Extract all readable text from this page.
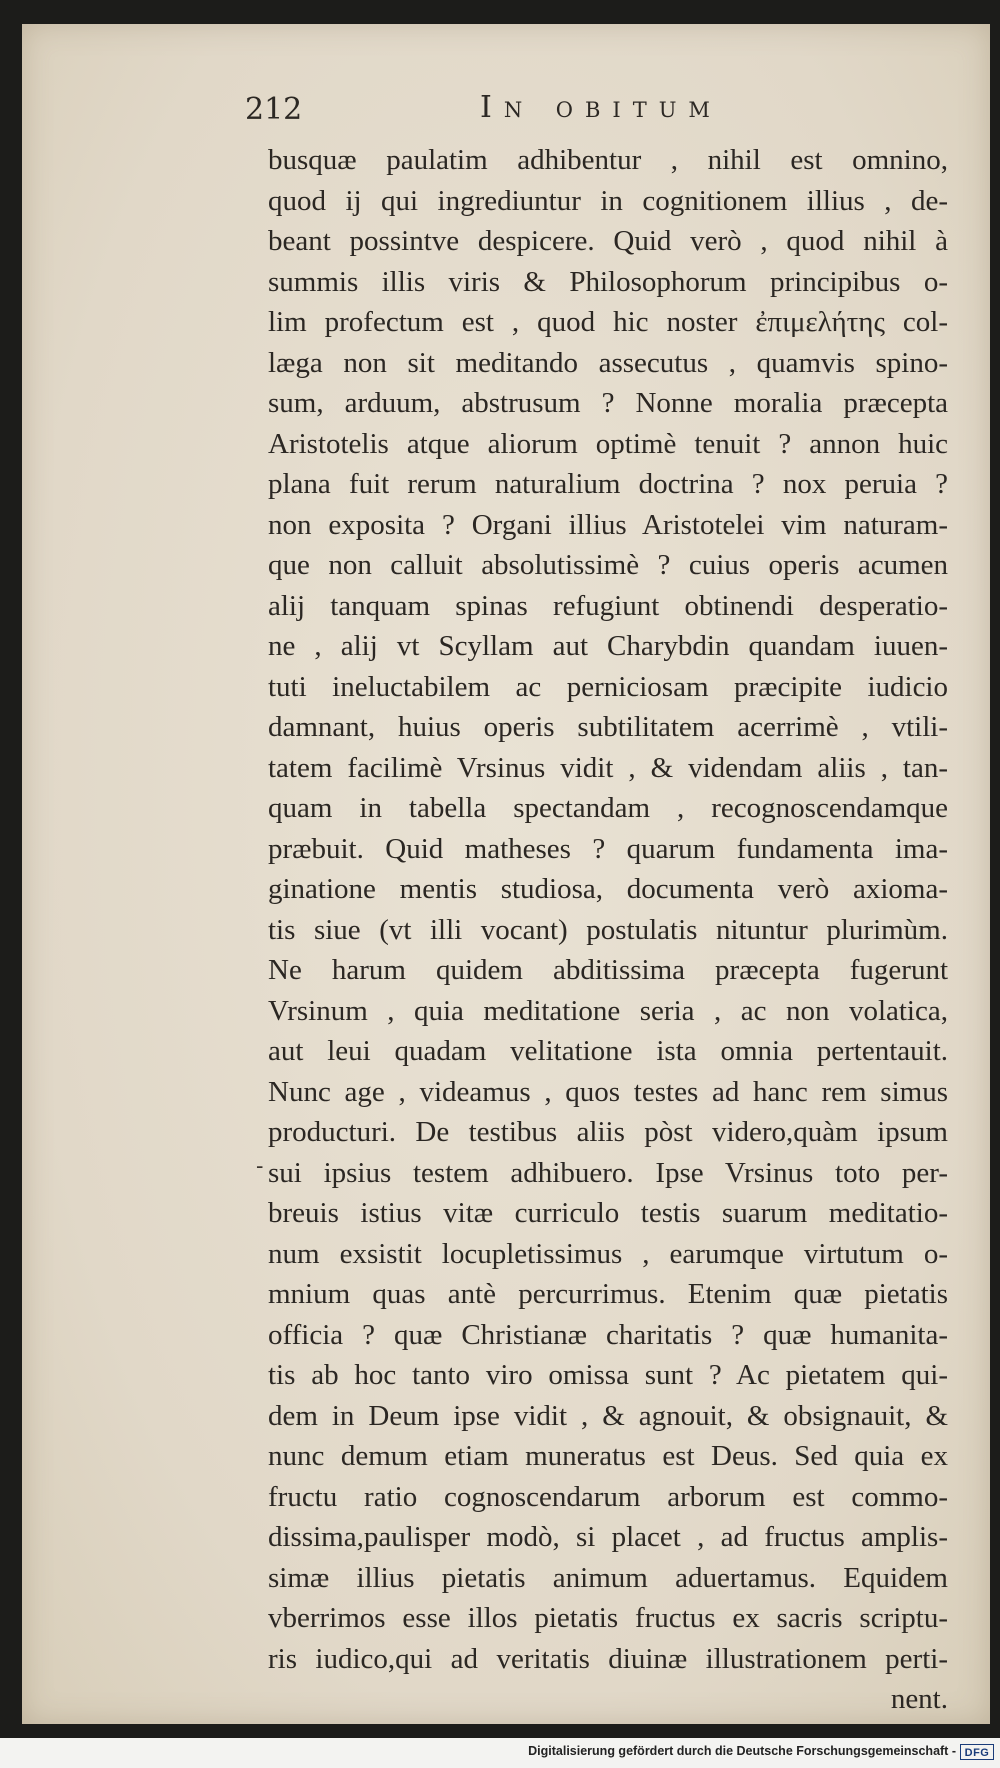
212	In obitum
busquæ paulatim adhibentur , nihil est omnino,
quod ij qui ingrediuntur in cognitionem illius , de-
beant possintve despicere. Quid verò , quod nihil à
summis illis viris & Philosophorum principibus o-
lim profectum est , quod hic noster ἐπιμελήτης col-
læga non sit meditando assecutus , quamvis spino-
sum, arduum, abstrusum ? Nonne moralia præcepta
Aristotelis atque aliorum optimè tenuit ? annon huic
plana fuit rerum naturalium doctrina ? nox peruia ?
non exposita ? Organi illius Aristotelei vim naturam-
que non calluit absolutissimè ? cuius operis acumen
alij tanquam spinas refugiunt obtinendi desperatio-
ne , alij vt Scyllam aut Charybdin quandam iuuen-
tuti ineluctabilem ac perniciosam præcipite iudicio
damnant, huius operis subtilitatem acerrimè , vtili-
tatem facilimè Vrsinus vidit , & videndam aliis , tan-
quam in tabella spectandam , recognoscendamque
præbuit. Quid matheses ? quarum fundamenta ima-
ginatione mentis studiosa, documenta verò axioma-
tis siue (vt illi vocant) postulatis nituntur plurimùm.
Ne harum quidem abditissima præcepta fugerunt
Vrsinum , quia meditatione seria , ac non volatica,
aut leui quadam velitatione ista omnia pertentauit.
Nunc age , videamus , quos testes ad hanc rem simus
producturi. De testibus aliis pòst videro,quàm ipsum
sui ipsius testem adhibuero. Ipse Vrsinus toto per-
breuis istius vitæ curriculo testis suarum meditatio-
num exsistit locupletissimus , earumque virtutum o-
mnium quas antè percurrimus. Etenim quæ pietatis
officia ? quæ Christianæ charitatis ? quæ humanita-
tis ab hoc tanto viro omissa sunt ? Ac pietatem qui-
dem in Deum ipse vidit , & agnouit, & obsignauit, &
nunc demum etiam muneratus est Deus. Sed quia ex
fructu ratio cognoscendarum arborum est commo-
dissima,paulisper modò, si placet , ad fructus amplis-
simæ illius pietatis animum aduertamus. Equidem
vberrimos esse illos pietatis fructus ex sacris scriptu-
ris iudico,qui ad veritatis diuinæ illustrationem perti-
nent.
-
Digitalisierung gefördert durch die Deutsche Forschungsgemeinschaft - DFG
